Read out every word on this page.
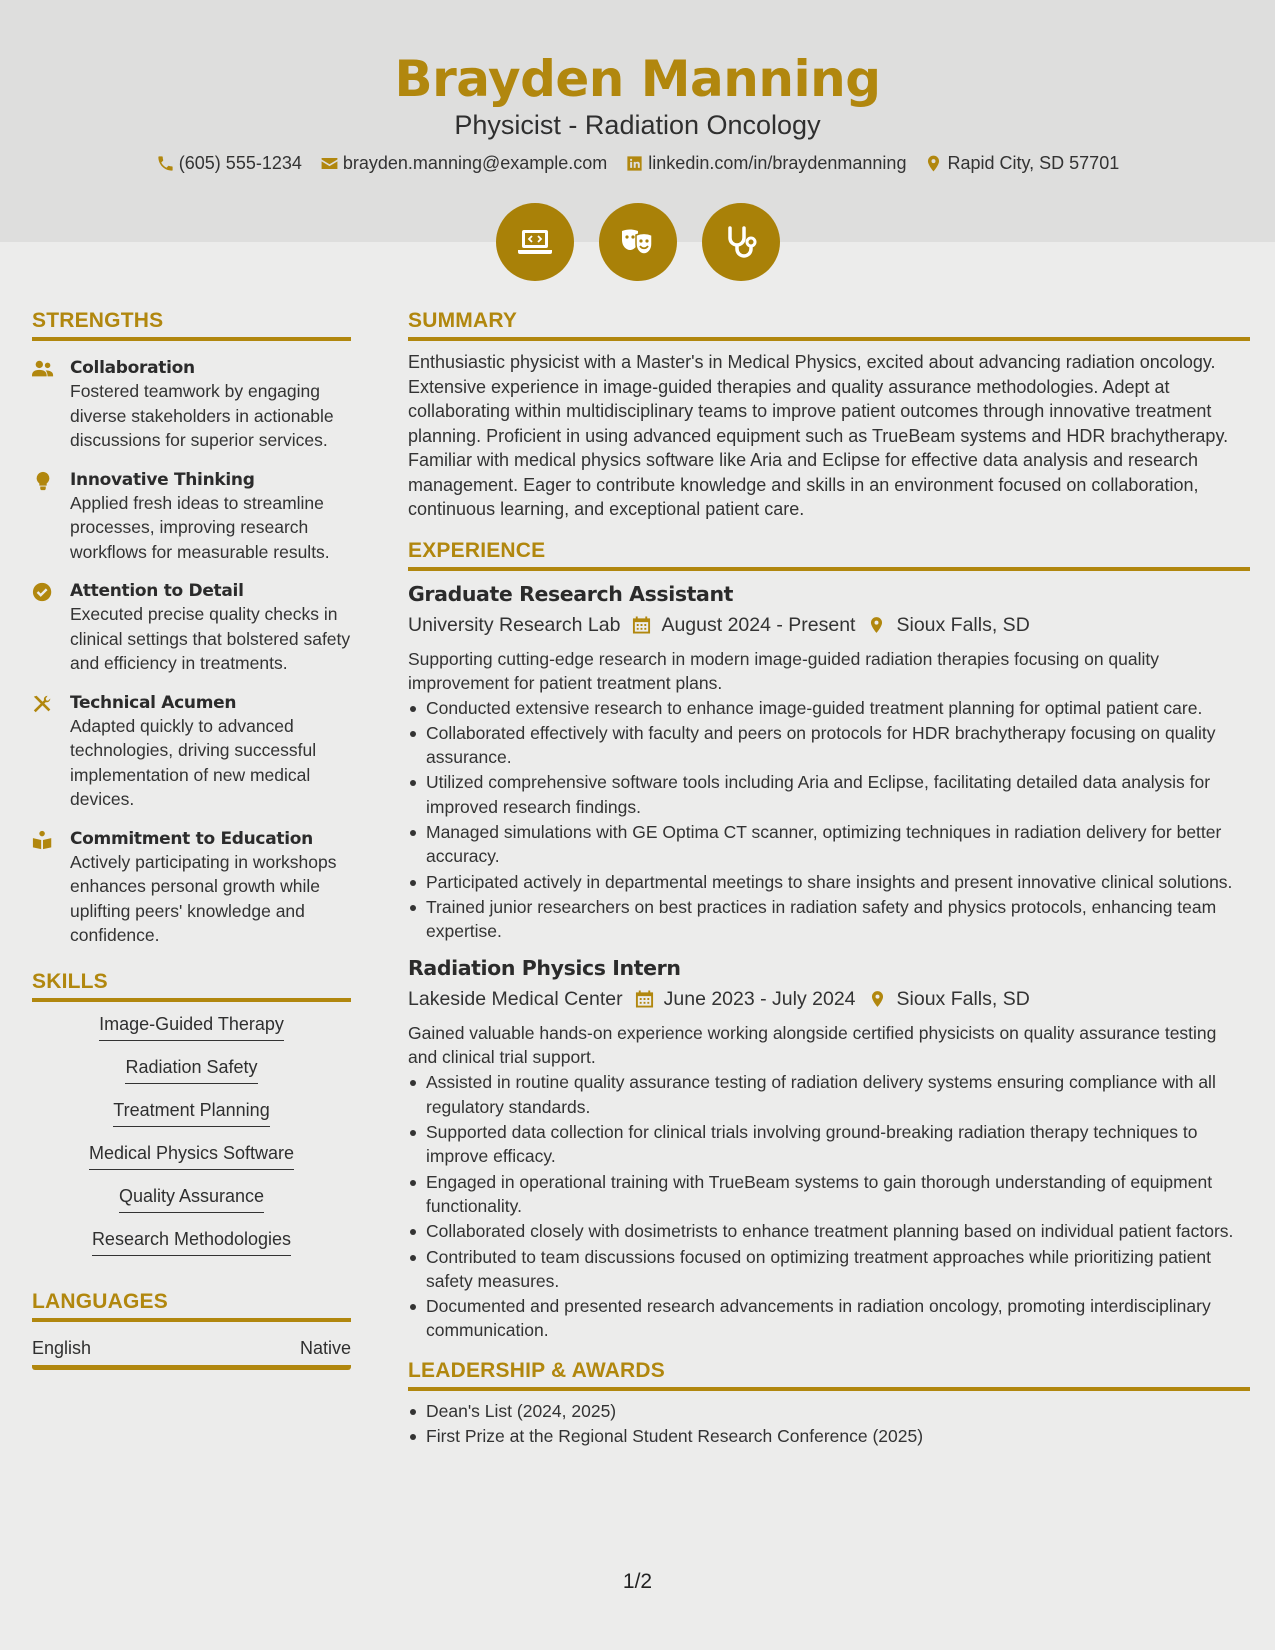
Brayden Manning
Physicist - Radiation Oncology
(605) 555-1234 brayden.manning@example.com linkedin.com/in/braydenmanning Rapid City, SD 57701
STRENGTHS
Collaboration
Fostered teamwork by engaging diverse stakeholders in actionable discussions for superior services.
Innovative Thinking
Applied fresh ideas to streamline processes, improving research workflows for measurable results.
Attention to Detail
Executed precise quality checks in clinical settings that bolstered safety and efficiency in treatments.
Technical Acumen
Adapted quickly to advanced technologies, driving successful implementation of new medical devices.
Commitment to Education
Actively participating in workshops enhances personal growth while uplifting peers' knowledge and confidence.
SKILLS
Image-Guided Therapy
Radiation Safety
Treatment Planning
Medical Physics Software
Quality Assurance
Research Methodologies
LANGUAGES
English	Native
SUMMARY
Enthusiastic physicist with a Master's in Medical Physics, excited about advancing radiation oncology. Extensive experience in image-guided therapies and quality assurance methodologies. Adept at collaborating within multidisciplinary teams to improve patient outcomes through innovative treatment planning. Proficient in using advanced equipment such as TrueBeam systems and HDR brachytherapy. Familiar with medical physics software like Aria and Eclipse for effective data analysis and research management. Eager to contribute knowledge and skills in an environment focused on collaboration, continuous learning, and exceptional patient care.
EXPERIENCE
Graduate Research Assistant
University Research Lab August 2024 - Present Sioux Falls, SD
Supporting cutting-edge research in modern image-guided radiation therapies focusing on quality improvement for patient treatment plans.
Conducted extensive research to enhance image-guided treatment planning for optimal patient care.
Collaborated effectively with faculty and peers on protocols for HDR brachytherapy focusing on quality assurance.
Utilized comprehensive software tools including Aria and Eclipse, facilitating detailed data analysis for improved research findings.
Managed simulations with GE Optima CT scanner, optimizing techniques in radiation delivery for better accuracy.
Participated actively in departmental meetings to share insights and present innovative clinical solutions.
Trained junior researchers on best practices in radiation safety and physics protocols, enhancing team expertise.
Radiation Physics Intern
Lakeside Medical Center June 2023 - July 2024 Sioux Falls, SD
Gained valuable hands-on experience working alongside certified physicists on quality assurance testing and clinical trial support.
Assisted in routine quality assurance testing of radiation delivery systems ensuring compliance with all regulatory standards.
Supported data collection for clinical trials involving ground-breaking radiation therapy techniques to improve efficacy.
Engaged in operational training with TrueBeam systems to gain thorough understanding of equipment functionality.
Collaborated closely with dosimetrists to enhance treatment planning based on individual patient factors.
Contributed to team discussions focused on optimizing treatment approaches while prioritizing patient safety measures.
Documented and presented research advancements in radiation oncology, promoting interdisciplinary communication.
LEADERSHIP & AWARDS
Dean's List (2024, 2025)
First Prize at the Regional Student Research Conference (2025)
1/2
